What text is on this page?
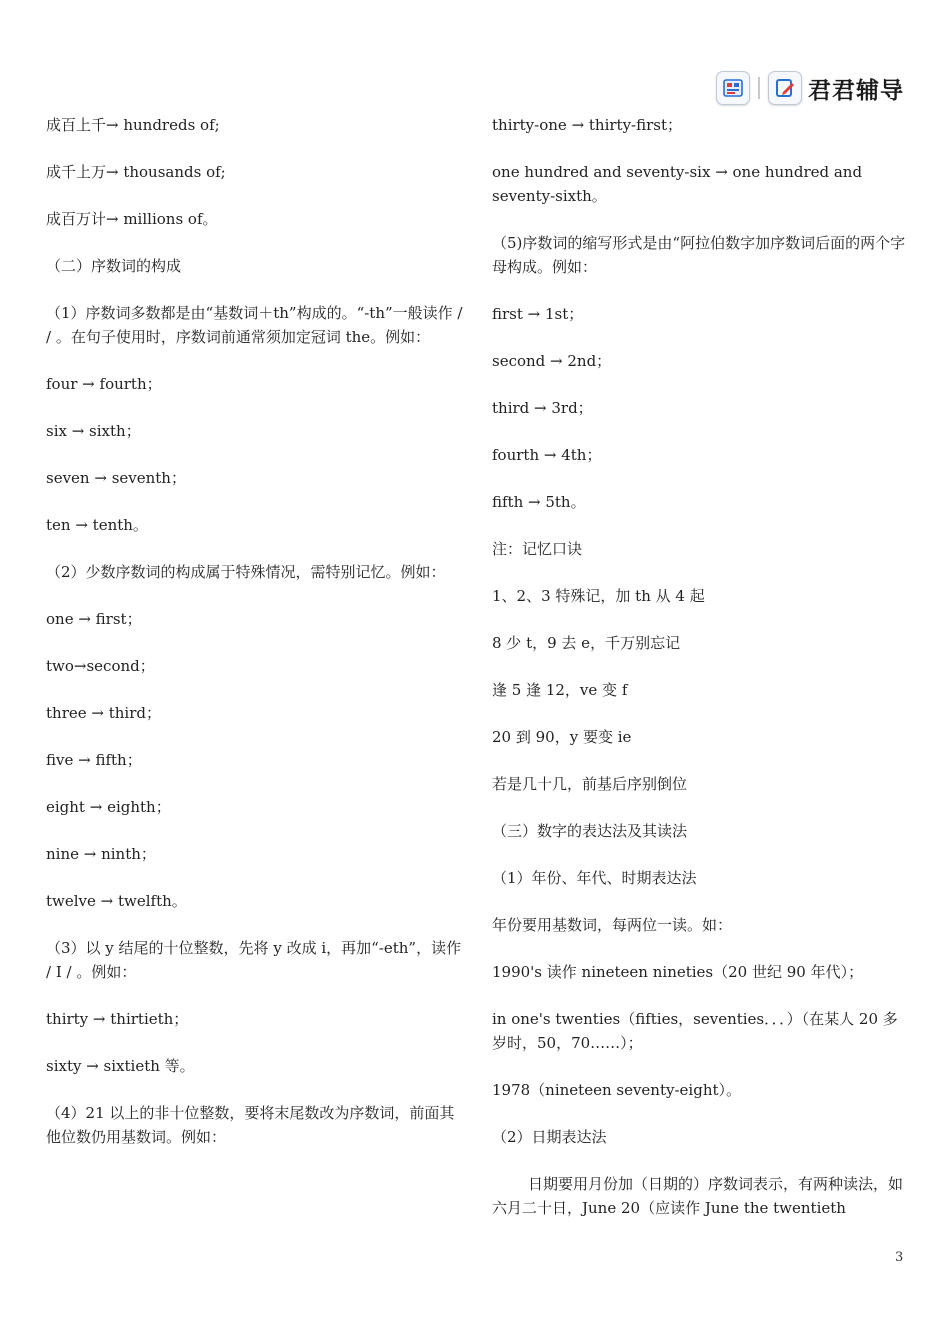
君君辅导

成百上千→ hundreds of;

成千上万→ thousands of;

成百万计→ millions of。

（二）序数词的构成

（1）序数词多数都是由“基数词＋th”构成的。“-th”一般读作 / / 。在句子使用时，序数词前通常须加定冠词 the。例如：

four → fourth；

six → sixth；

seven → seventh；

ten → tenth。

（2）少数序数词的构成属于特殊情况，需特别记忆。例如：

one → first；

two→second；

three → third；

five → fifth；

eight → eighth；

nine → ninth；

twelve → twelfth。

（3）以 y 结尾的十位整数，先将 y 改成 i，再加“-eth”，读作 / I / 。例如：

thirty → thirtieth；

sixty → sixtieth 等。

（4）21 以上的非十位整数，要将末尾数改为序数词，前面其他位数仍用基数词。例如：

thirty-one → thirty-first；

one hundred and seventy-six → one hundred and seventy-sixth。

（5)序数词的缩写形式是由“阿拉伯数字加序数词后面的两个字母构成。例如：

first → 1st；

second → 2nd；

third → 3rd；

fourth → 4th；

fifth → 5th。

注：记忆口诀

1、2、3 特殊记，加 th 从 4 起

8 少 t，9 去 e，千万别忘记

逢 5 逢 12，ve 变 f

20 到 90，y 要变 ie

若是几十几，前基后序别倒位

（三）数字的表达法及其读法

（1）年份、年代、时期表达法

年份要用基数词，每两位一读。如：

1990's 读作 nineteen nineties（20 世纪 90 年代）；

in one's twenties（fifties，seventies．．．）（在某人 20 多岁时，50，70……）；

1978（nineteen seventy-eight）。

（2）日期表达法

日期要用月份加（日期的）序数词表示，有两种读法，如六月二十日，June 20（应读作 June the twentieth

3
